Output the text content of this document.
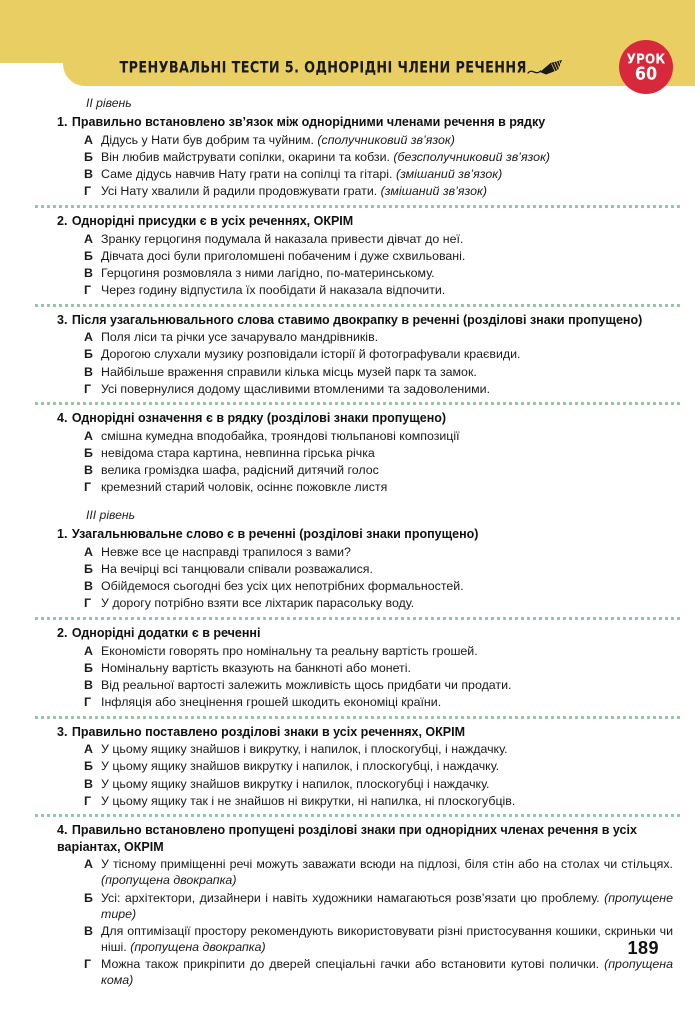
ТРЕНУВАЛЬНІ ТЕСТИ 5. ОДНОРІДНІ ЧЛЕНИ РЕЧЕННЯ
УРОК
60
II рівень

1. Правильно встановлено зв’язок між однорідними членами речення в рядку

А Дідусь у Нати був добрим та чуйним. (сполучниковий зв’язок)
Б Він любив майструвати сопілки, окарини та кобзи. (безсполучниковий зв’язок)
В Саме дідусь навчив Нату грати на сопілці та гітарі. (змішаний зв’язок)
Г Усі Нату хвалили й радили продовжувати грати. (змішаний зв’язок)

2. Однорідні присудки є в усіх реченнях, ОКРІМ

А Зранку герцогиня подумала й наказала привести дівчат до неї.
Б Дівчата досі були приголомшені побаченим і дуже схвильовані.
В Герцогиня розмовляла з ними лагідно, по-материнському.
Г Через годину відпустила їх пообідати й наказала відпочити.

3. Після узагальнювального слова ставимо двокрапку в реченні (розділові знаки пропущено)

А Поля ліси та річки усе зачарувало мандрівників.
Б Дорогою слухали музику розповідали історії й фотографували краєвиди.
В Найбільше враження справили кілька місць музей парк та замок.
Г Усі повернулися додому щасливими втомленими та задоволеними.

4. Однорідні означення є в рядку (розділові знаки пропущено)

А смішна кумедна вподобайка, трояндові тюльпанові композиції
Б невідома стара картина, невпинна гірська річка
В велика громіздка шафа, радісний дитячий голос
Г кремезний старий чоловік, осіннє пожовкле листя
III рівень

1. Узагальнювальне слово є в реченні (розділові знаки пропущено)

А Невже все це насправді трапилося з вами?
Б На вечірці всі танцювали співали розважалися.
В Обійдемося сьогодні без усіх цих непотрібних формальностей.
Г У дорогу потрібно взяти все ліхтарик парасольку воду.

2. Однорідні додатки є в реченні

А Економісти говорять про номінальну та реальну вартість грошей.
Б Номінальну вартість вказують на банкноті або монеті.
В Від реальної вартості залежить можливість щось придбати чи продати.
Г Інфляція або знецінення грошей шкодить економіці країни.

3. Правильно поставлено розділові знаки в усіх реченнях, ОКРІМ

А У цьому ящику знайшов і викрутку, і напилок, і плоскогубці, і наждачку.
Б У цьому ящику знайшов викрутку і напилок, і плоскогубці, і наждачку.
В У цьому ящику знайшов викрутку і напилок, плоскогубці і наждачку.
Г У цьому ящику так і не знайшов ні викрутки, ні напилка, ні плоскогубців.

4. Правильно встановлено пропущені розділові знаки при однорідних членах речення в усіх варіантах, ОКРІМ

А У тісному приміщенні речі можуть заважати всюди на підлозі, біля стін або на столах чи стільцях. (пропущена двокрапка)
Б Усі: архітектори, дизайнери і навіть художники намагаються розв’язати цю проблему. (пропущене тире)
В Для оптимізації простору рекомендують використовувати різні пристосування кошики, скриньки чи ніші. (пропущена двокрапка)
Г Можна також прикріпити до дверей спеціальні гачки або встановити кутові полички. (пропущена кома)
189
